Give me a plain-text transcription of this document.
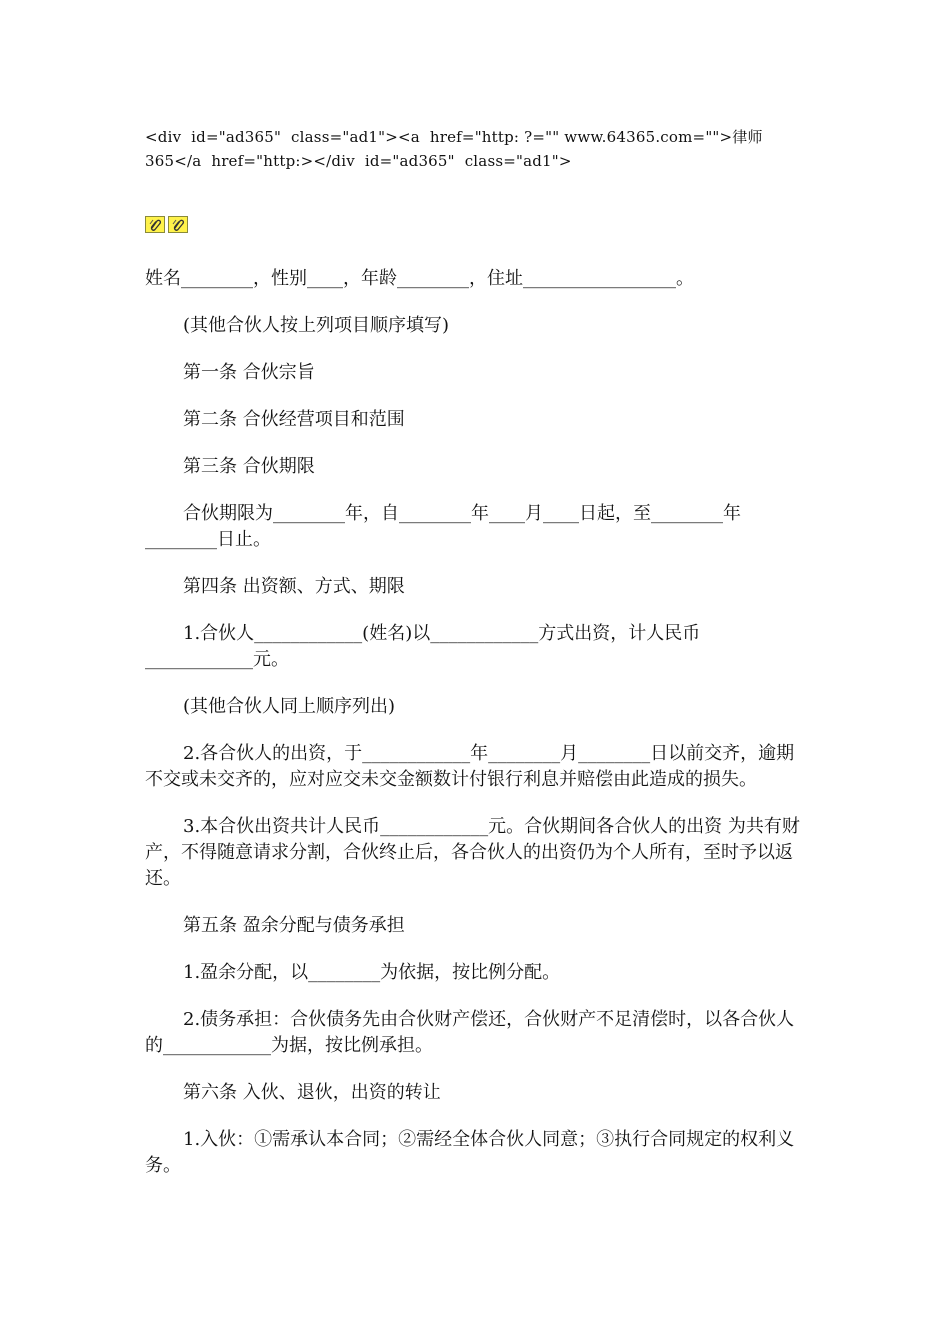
<div  id="ad365"  class="ad1"><a  href="http: ?="" www.64365.com="">律师
365</a  href="http:></div  id="ad365"  class="ad1">

姓名________，性别____，年龄________，住址_________________。

(其他合伙人按上列项目顺序填写)

第一条 合伙宗旨

第二条 合伙经营项目和范围

第三条 合伙期限

合伙期限为________年，自________年____月____日起，至________年________日止。

第四条 出资额、方式、期限

1.合伙人____________(姓名)以____________方式出资，计人民币____________元。

(其他合伙人同上顺序列出)

2.各合伙人的出资，于____________年________月________日以前交齐，逾期不交或未交齐的，应对应交未交金额数计付银行利息并赔偿由此造成的损失。

3.本合伙出资共计人民币____________元。合伙期间各合伙人的出资 为共有财产，不得随意请求分割，合伙终止后，各合伙人的出资仍为个人所有，至时予以返还。

第五条 盈余分配与债务承担

1.盈余分配，以________为依据，按比例分配。

2.债务承担：合伙债务先由合伙财产偿还，合伙财产不足清偿时，以各合伙人的____________为据，按比例承担。

第六条 入伙、退伙，出资的转让

1.入伙：①需承认本合同；②需经全体合伙人同意；③执行合同规定的权利义务。
